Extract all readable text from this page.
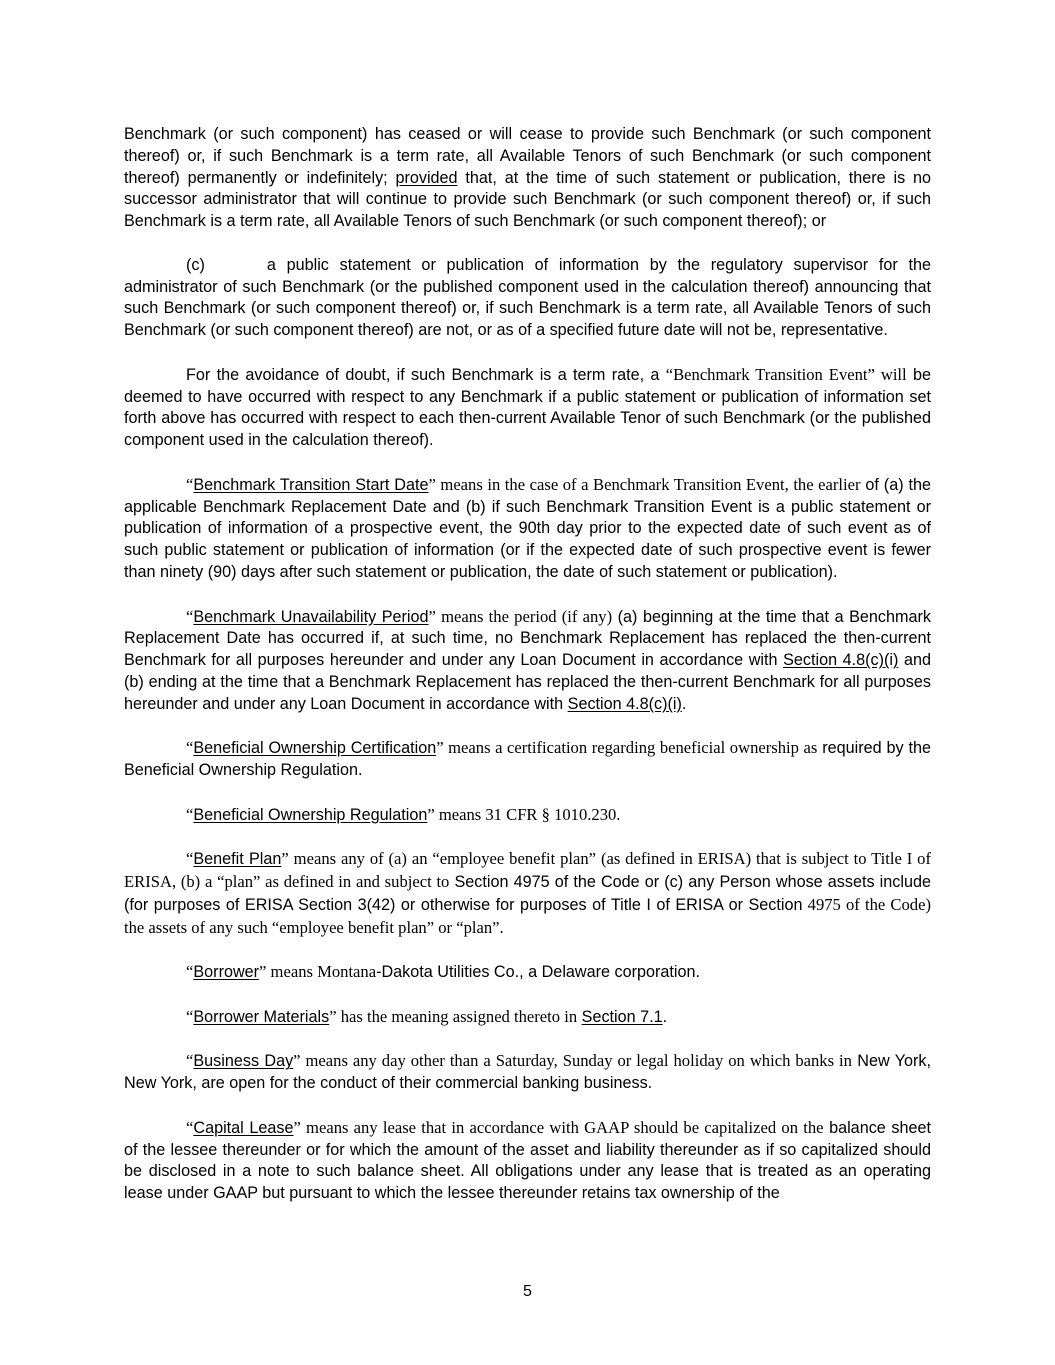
Benchmark (or such component) has ceased or will cease to provide such Benchmark (or such component thereof) or, if such Benchmark is a term rate, all Available Tenors of such Benchmark (or such component thereof) permanently or indefinitely; provided that, at the time of such statement or publication, there is no successor administrator that will continue to provide such Benchmark (or such component thereof) or, if such Benchmark is a term rate, all Available Tenors of such Benchmark (or such component thereof); or

(c)	a public statement or publication of information by the regulatory supervisor for the administrator of such Benchmark (or the published component used in the calculation thereof) announcing that such Benchmark (or such component thereof) or, if such Benchmark is a term rate, all Available Tenors of such Benchmark (or such component thereof) are not, or as of a specified future date will not be, representative.

For the avoidance of doubt, if such Benchmark is a term rate, a “Benchmark Transition Event” will be deemed to have occurred with respect to any Benchmark if a public statement or publication of information set forth above has occurred with respect to each then-current Available Tenor of such Benchmark (or the published component used in the calculation thereof).

“Benchmark Transition Start Date” means in the case of a Benchmark Transition Event, the earlier of (a) the applicable Benchmark Replacement Date and (b) if such Benchmark Transition Event is a public statement or publication of information of a prospective event, the 90th day prior to the expected date of such event as of such public statement or publication of information (or if the expected date of such prospective event is fewer than ninety (90) days after such statement or publication, the date of such statement or publication).

“Benchmark Unavailability Period” means the period (if any) (a) beginning at the time that a Benchmark Replacement Date has occurred if, at such time, no Benchmark Replacement has replaced the then-current Benchmark for all purposes hereunder and under any Loan Document in accordance with Section 4.8(c)(i) and (b) ending at the time that a Benchmark Replacement has replaced the then-current Benchmark for all purposes hereunder and under any Loan Document in accordance with Section 4.8(c)(i).

“Beneficial Ownership Certification” means a certification regarding beneficial ownership as required by the Beneficial Ownership Regulation.

“Beneficial Ownership Regulation” means 31 CFR § 1010.230.

“Benefit Plan” means any of (a) an “employee benefit plan” (as defined in ERISA) that is subject to Title I of ERISA, (b) a “plan” as defined in and subject to Section 4975 of the Code or (c) any Person whose assets include (for purposes of ERISA Section 3(42) or otherwise for purposes of Title I of ERISA or Section 4975 of the Code) the assets of any such “employee benefit plan” or “plan”.

“Borrower” means Montana-Dakota Utilities Co., a Delaware corporation.

“Borrower Materials” has the meaning assigned thereto in Section 7.1.

“Business Day” means any day other than a Saturday, Sunday or legal holiday on which banks in New York, New York, are open for the conduct of their commercial banking business.

“Capital Lease” means any lease that in accordance with GAAP should be capitalized on the balance sheet of the lessee thereunder or for which the amount of the asset and liability thereunder as if so capitalized should be disclosed in a note to such balance sheet. All obligations under any lease that is treated as an operating lease under GAAP but pursuant to which the lessee thereunder retains tax ownership of the

5
